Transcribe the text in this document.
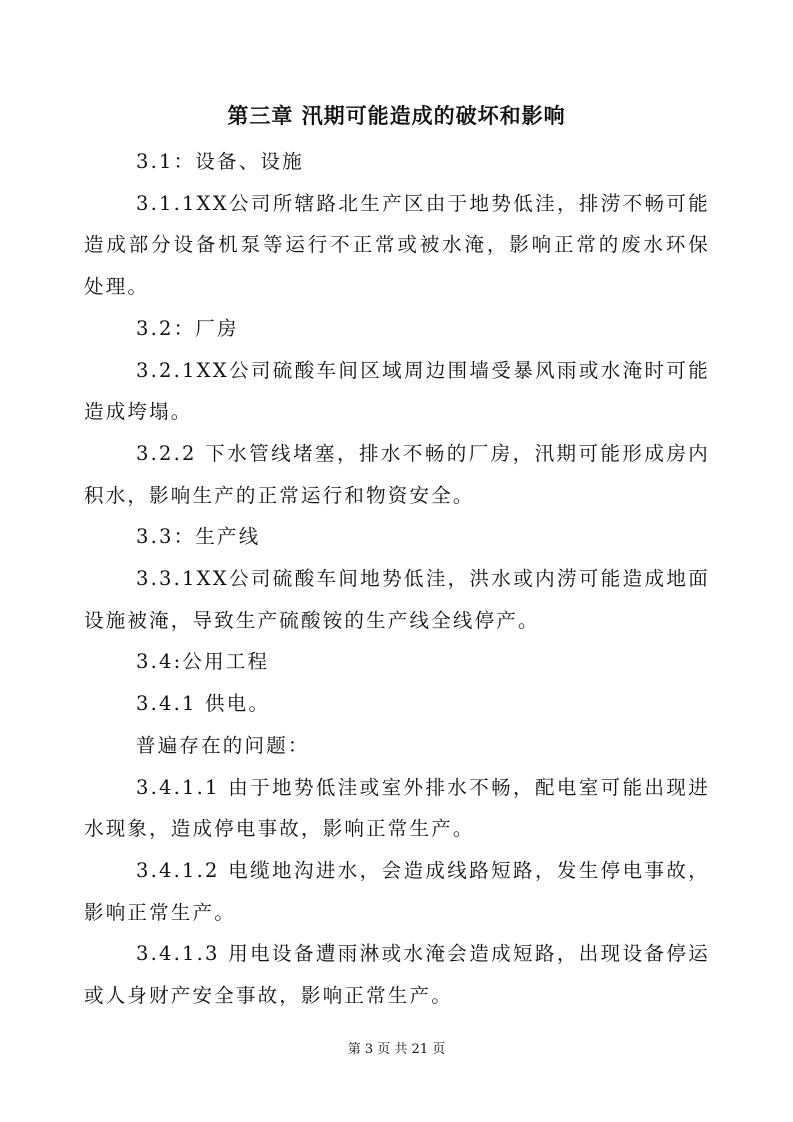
第三章 汛期可能造成的破坏和影响

3.1：设备、设施

3.1.1XX公司所辖路北生产区由于地势低洼，排涝不畅可能造成部分设备机泵等运行不正常或被水淹，影响正常的废水环保处理。

3.2：厂房

3.2.1XX公司硫酸车间区域周边围墙受暴风雨或水淹时可能造成垮塌。

3.2.2 下水管线堵塞，排水不畅的厂房，汛期可能形成房内积水，影响生产的正常运行和物资安全。

3.3：生产线

3.3.1XX公司硫酸车间地势低洼，洪水或内涝可能造成地面设施被淹，导致生产硫酸铵的生产线全线停产。

3.4:公用工程

3.4.1 供电。

普遍存在的问题：

3.4.1.1 由于地势低洼或室外排水不畅，配电室可能出现进水现象，造成停电事故，影响正常生产。

3.4.1.2 电缆地沟进水，会造成线路短路，发生停电事故，影响正常生产。

3.4.1.3 用电设备遭雨淋或水淹会造成短路，出现设备停运或人身财产安全事故，影响正常生产。

第 3 页 共 21 页
